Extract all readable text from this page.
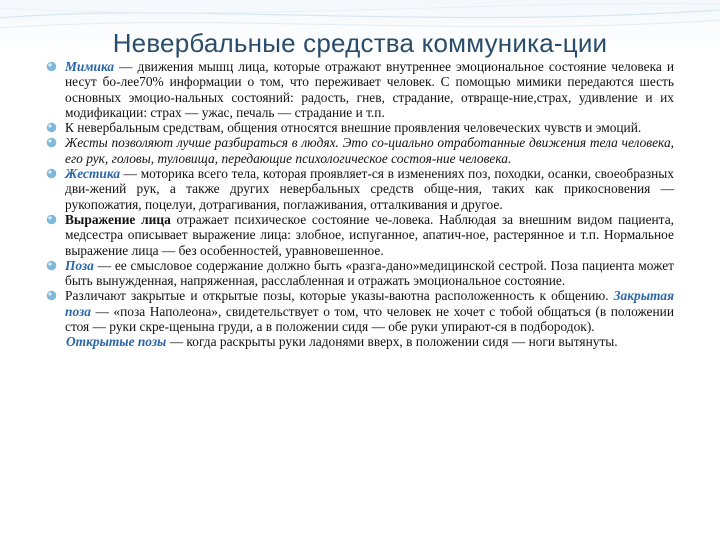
Невербальные средства коммуника-ции
Мимика — движения мышц лица, которые отражают внутреннее эмоциональное состояние человека и несут бо-лее70% информации о том, что переживает человек. С помощью мимики передаются шесть основных эмоцио-нальных состояний: радость, гнев, страдание, отвраще-ние,страх, удивление и их модификации: страх — ужас, печаль — страдание и т.п.
К невербальным средствам, общения относятся внешние проявления человеческих чувств и эмоций.
Жесты позволяют лучше разбираться в людях. Это со-циально отработанные движения тела человека, его рук, головы, туловища, передающие психологическое состоя-ние человека.
Жестика — моторика всего тела, которая проявляет-ся в изменениях поз, походки, осанки, своеобразных дви-жений рук, а также других невербальных средств обще-ния, таких как прикосновения — рукопожатия, поцелуи, дотрагивания, поглаживания, отталкивания и другое.
Выражение лица отражает психическое состояние че-ловека. Наблюдая за внешним видом пациента, медсестра описывает выражение лица: злобное, испуганное, апатич-ное, растерянное и т.п. Нормальное выражение лица — без особенностей, уравновешенное.
Поза — ее смысловое содержание должно быть «разга-дано»медицинской сестрой. Поза пациента может быть вынужденная, напряженная, расслабленная и отражать эмоциональное состояние.
Различают закрытые и открытые позы, которые указы-ваютна расположенность к общению. Закрытая поза — «поза Наполеона», свидетельствует о том, что человек не хочет с тобой общаться (в положении стоя — руки скре-щенына груди, а в положении сидя — обе руки упирают-ся в подбородок).
Открытые позы — когда раскрыты руки ладонями вверх, в положении сидя — ноги вытянуты.
